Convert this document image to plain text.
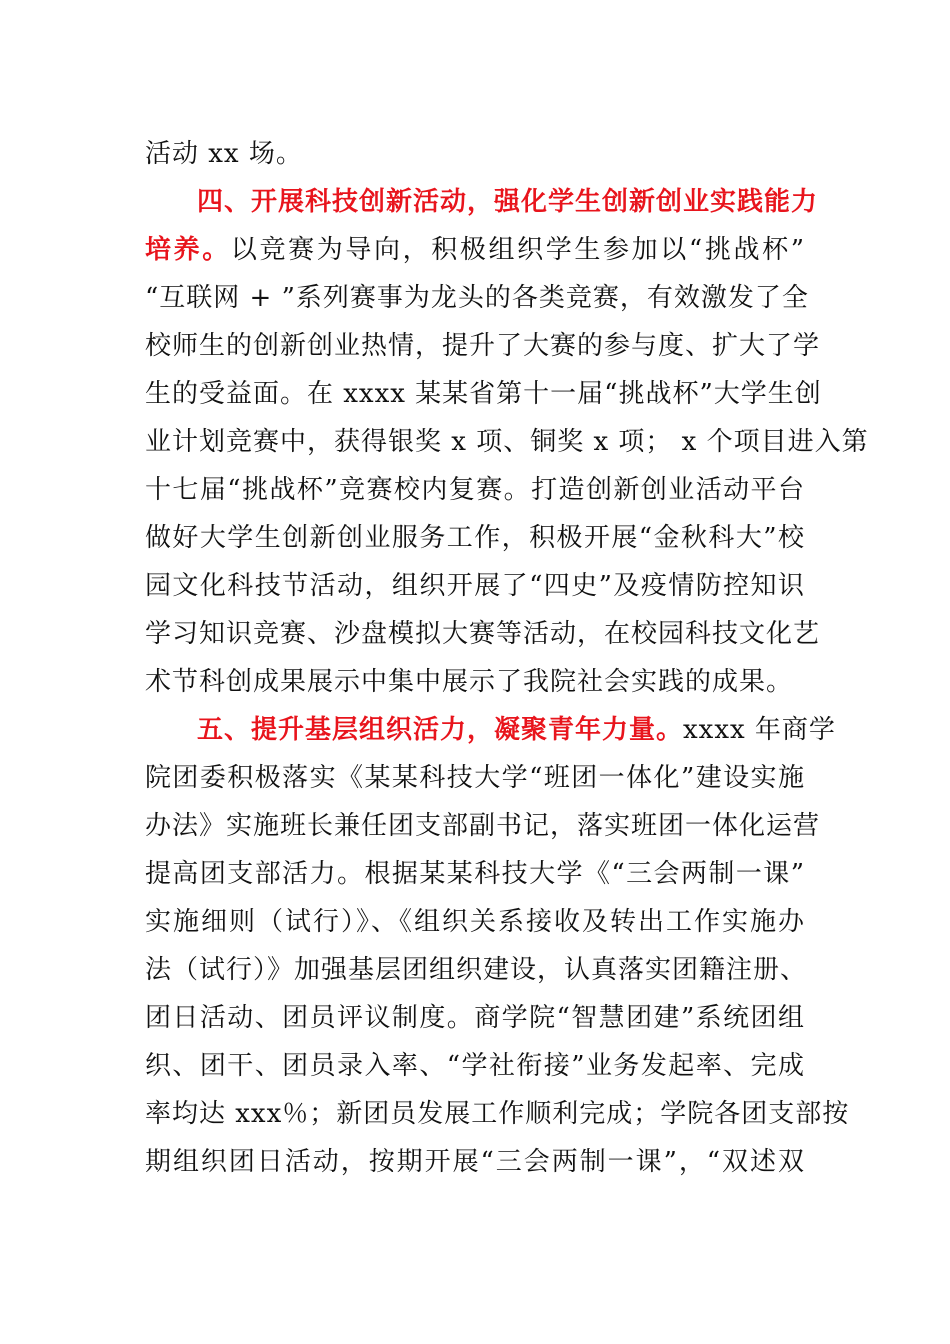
活动 xx 场。
四、开展科技创新活动，强化学生创新创业实践能力
培养。以竞赛为导向，积极组织学生参加以“挑战杯”
“互联网 + ”系列赛事为龙头的各类竞赛，有效激发了全
校师生的创新创业热情，提升了大赛的参与度、扩大了学
生的受益面。在 xxxx 某某省第十一届“挑战杯”大学生创
业计划竞赛中，获得银奖 x 项、铜奖 x 项； x 个项目进入第
十七届“挑战杯”竞赛校内复赛。打造创新创业活动平台
做好大学生创新创业服务工作，积极开展“金秋科大”校
园文化科技节活动，组织开展了“四史”及疫情防控知识
学习知识竞赛、沙盘模拟大赛等活动，在校园科技文化艺
术节科创成果展示中集中展示了我院社会实践的成果。
五、提升基层组织活力，凝聚青年力量。xxxx 年商学
院团委积极落实《某某科技大学“班团一体化”建设实施
办法》实施班长兼任团支部副书记，落实班团一体化运营
提高团支部活力。根据某某科技大学《“三会两制一课”
实施细则（试行）》、《组织关系接收及转出工作实施办
法（试行）》加强基层团组织建设，认真落实团籍注册、
团日活动、团员评议制度。商学院“智慧团建”系统团组
织、团干、团员录入率、“学社衔接”业务发起率、完成
率均达 xxx％；新团员发展工作顺利完成；学院各团支部按
期组织团日活动，按期开展“三会两制一课”，“双述双
